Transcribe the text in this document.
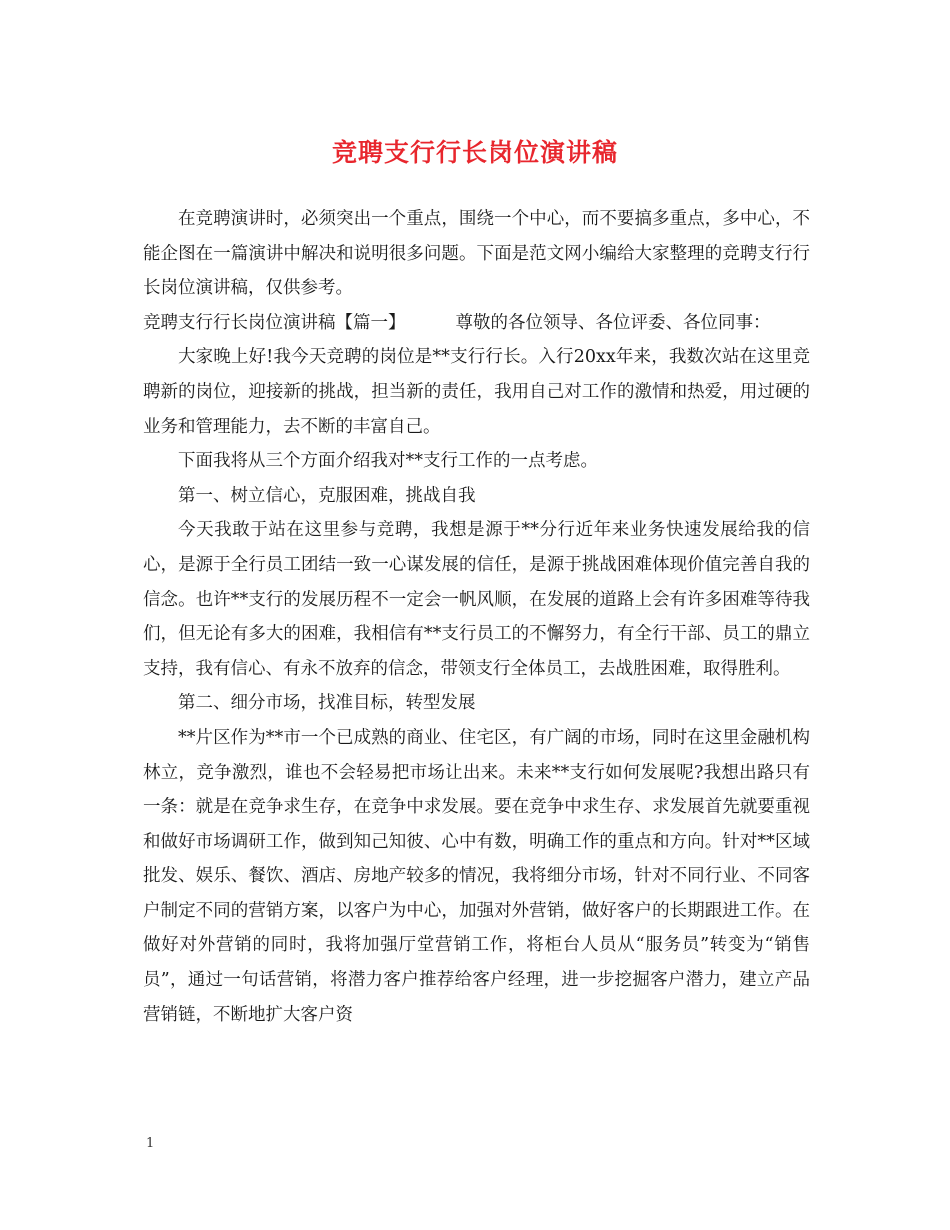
竞聘支行行长岗位演讲稿

在竞聘演讲时，必须突出一个重点，围绕一个中心，而不要搞多重点，多中心，不能企图在一篇演讲中解决和说明很多问题。下面是范文网小编给大家整理的竞聘支行行长岗位演讲稿，仅供参考。

竞聘支行行长岗位演讲稿【篇一】	尊敬的各位领导、各位评委、各位同事：

大家晚上好!我今天竞聘的岗位是**支行行长。入行20xx年来，我数次站在这里竞聘新的岗位，迎接新的挑战，担当新的责任，我用自己对工作的激情和热爱，用过硬的业务和管理能力，去不断的丰富自己。

下面我将从三个方面介绍我对**支行工作的一点考虑。

第一、树立信心，克服困难，挑战自我

今天我敢于站在这里参与竞聘，我想是源于**分行近年来业务快速发展给我的信心，是源于全行员工团结一致一心谋发展的信任，是源于挑战困难体现价值完善自我的信念。也许**支行的发展历程不一定会一帆风顺，在发展的道路上会有许多困难等待我们，但无论有多大的困难，我相信有**支行员工的不懈努力，有全行干部、员工的鼎立支持，我有信心、有永不放弃的信念，带领支行全体员工，去战胜困难，取得胜利。

第二、细分市场，找准目标，转型发展

**片区作为**市一个已成熟的商业、住宅区，有广阔的市场，同时在这里金融机构林立，竞争激烈，谁也不会轻易把市场让出来。未来**支行如何发展呢?我想出路只有一条：就是在竞争求生存，在竞争中求发展。要在竞争中求生存、求发展首先就要重视和做好市场调研工作，做到知己知彼、心中有数，明确工作的重点和方向。针对**区域批发、娱乐、餐饮、酒店、房地产较多的情况，我将细分市场，针对不同行业、不同客户制定不同的营销方案，以客户为中心，加强对外营销，做好客户的长期跟进工作。在做好对外营销的同时，我将加强厅堂营销工作，将柜台人员从“服务员”转变为“销售员”，通过一句话营销，将潜力客户推荐给客户经理，进一步挖掘客户潜力，建立产品营销链，不断地扩大客户资

1
